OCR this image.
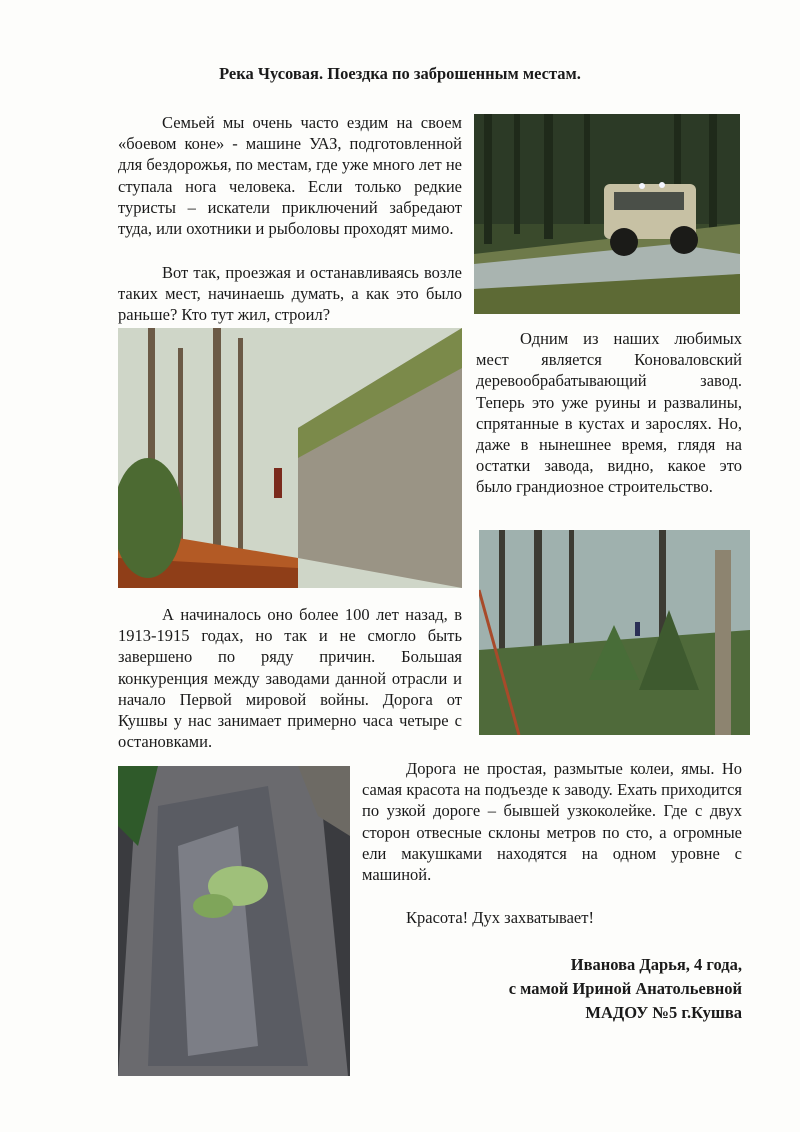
Река Чусовая. Поездка по заброшенным местам.

Семьей мы очень часто ездим на своем «боевом коне» - машине УАЗ, подготовленной для бездорожья, по местам, где уже много лет не ступала нога человека. Если только редкие туристы – искатели приключений забредают туда, или охотники и рыболовы проходят мимо.

Вот так, проезжая и останавливаясь возле таких мест, начинаешь думать, а как это было раньше? Кто тут жил, строил?

Одним из наших любимых мест является Коноваловский деревообрабатывающий завод. Теперь это уже руины и развалины, спрятанные в кустах и зарослях. Но, даже в нынешнее время, глядя на остатки завода, видно, какое это было грандиозное строительство.

А начиналось оно более 100 лет назад, в 1913-1915 годах, но так и не смогло быть завершено по ряду причин. Большая конкуренция между заводами данной отрасли и начало Первой мировой войны. Дорога от Кушвы у нас занимает примерно часа четыре с остановками.

Дорога не простая, размытые колеи, ямы. Но самая красота на подъезде к заводу. Ехать приходится по узкой дороге – бывшей узкоколейке. Где с двух сторон отвесные склоны метров по сто, а огромные ели макушками находятся на одном уровне с машиной.

Красота! Дух захватывает!

Иванова Дарья, 4 года,
с мамой Ириной Анатольевной
МАДОУ №5 г.Кушва
